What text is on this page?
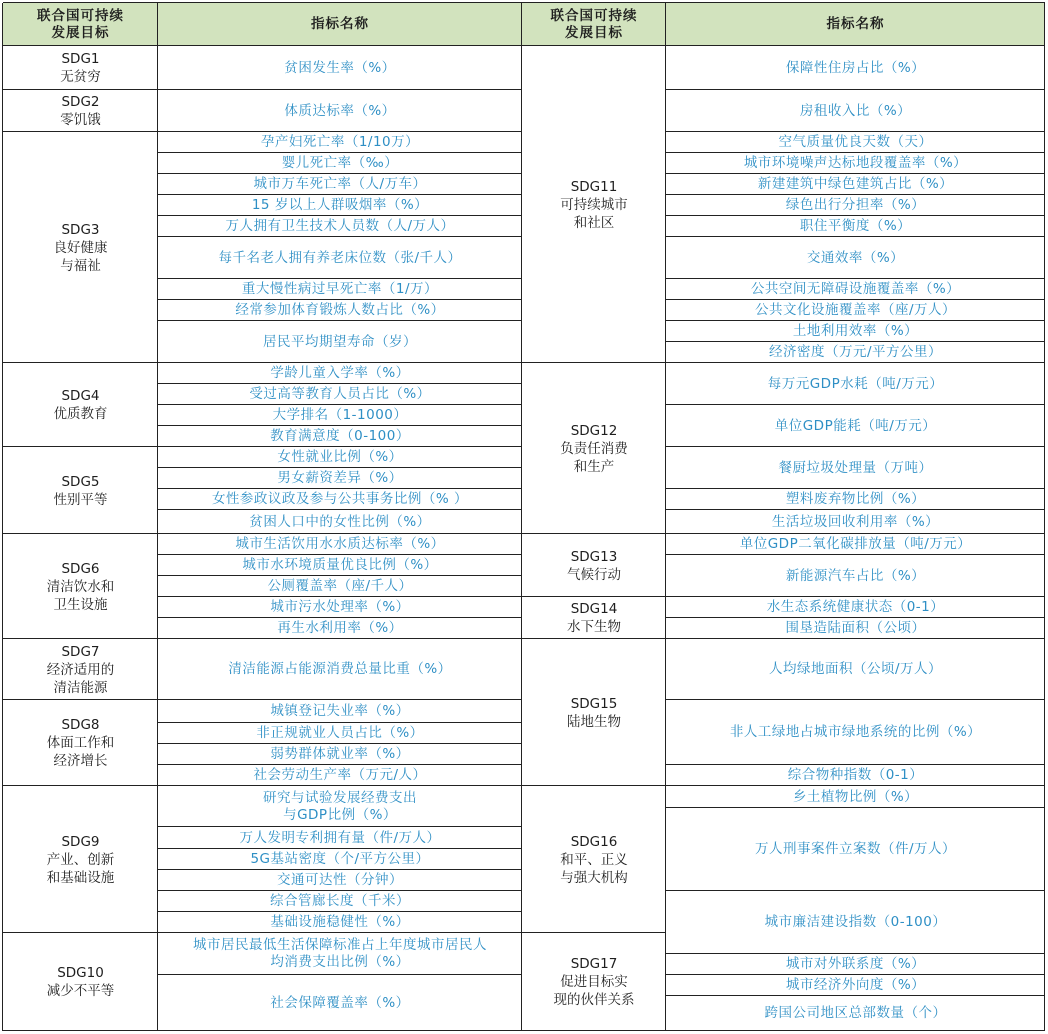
联合国可持续
发展目标
指标名称
联合国可持续
发展目标
指标名称
SDG1
无贫穷
SDG2
零饥饿
SDG3
良好健康
与福祉
SDG4
优质教育
SDG5
性别平等
SDG6
清洁饮水和
卫生设施
SDG7
经济适用的
清洁能源
SDG8
体面工作和
经济增长
SDG9
产业、创新
和基础设施
SDG10
减少不平等
贫困发生率（%）
体质达标率（%）
孕产妇死亡率（1/10万）
婴儿死亡率（‰）
城市万车死亡率（人/万车）
15 岁以上人群吸烟率（%）
万人拥有卫生技术人员数（人/万人）
每千名老人拥有养老床位数（张/千人）
重大慢性病过早死亡率（1/万）
经常参加体育锻炼人数占比（%）
居民平均期望寿命（岁）
学龄儿童入学率（%）
受过高等教育人员占比（%）
大学排名（1-1000）
教育满意度（0-100）
女性就业比例（%）
男女薪资差异（%）
女性参政议政及参与公共事务比例（% ）
贫困人口中的女性比例（%）
城市生活饮用水水质达标率（%）
城市水环境质量优良比例（%）
公厕覆盖率（座/千人）
城市污水处理率（%）
再生水利用率（%）
清洁能源占能源消费总量比重（%）
城镇登记失业率（%）
非正规就业人员占比（%）
弱势群体就业率（%）
社会劳动生产率（万元/人）
研究与试验发展经费支出
与GDP比例（%）
万人发明专利拥有量（件/万人）
5G基站密度（个/平方公里）
交通可达性（分钟）
综合管廊长度（千米）
基础设施稳健性（%）
城市居民最低生活保障标准占上年度城市居民人
均消费支出比例（%）
社会保障覆盖率（%）
SDG11
可持续城市
和社区
SDG12
负责任消费
和生产
SDG13
气候行动
SDG14
水下生物
SDG15
陆地生物
SDG16
和平、正义
与强大机构
SDG17
促进目标实
现的伙伴关系
保障性住房占比（%）
房租收入比（%）
空气质量优良天数（天）
城市环境噪声达标地段覆盖率（%）
新建建筑中绿色建筑占比（%）
绿色出行分担率（%）
职住平衡度（%）
交通效率（%）
公共空间无障碍设施覆盖率（%）
公共文化设施覆盖率（座/万人）
土地利用效率（%）
经济密度（万元/平方公里）
每万元GDP水耗（吨/万元）
单位GDP能耗（吨/万元）
餐厨垃圾处理量（万吨）
塑料废弃物比例（%）
生活垃圾回收利用率（%）
单位GDP二氧化碳排放量（吨/万元）
新能源汽车占比（%）
水生态系统健康状态（0-1）
围垦造陆面积（公顷）
人均绿地面积（公顷/万人）
非人工绿地占城市绿地系统的比例（%）
综合物种指数（0-1）
乡土植物比例（%）
万人刑事案件立案数（件/万人）
城市廉洁建设指数（0-100）
城市对外联系度（%）
城市经济外向度（%）
跨国公司地区总部数量（个）
